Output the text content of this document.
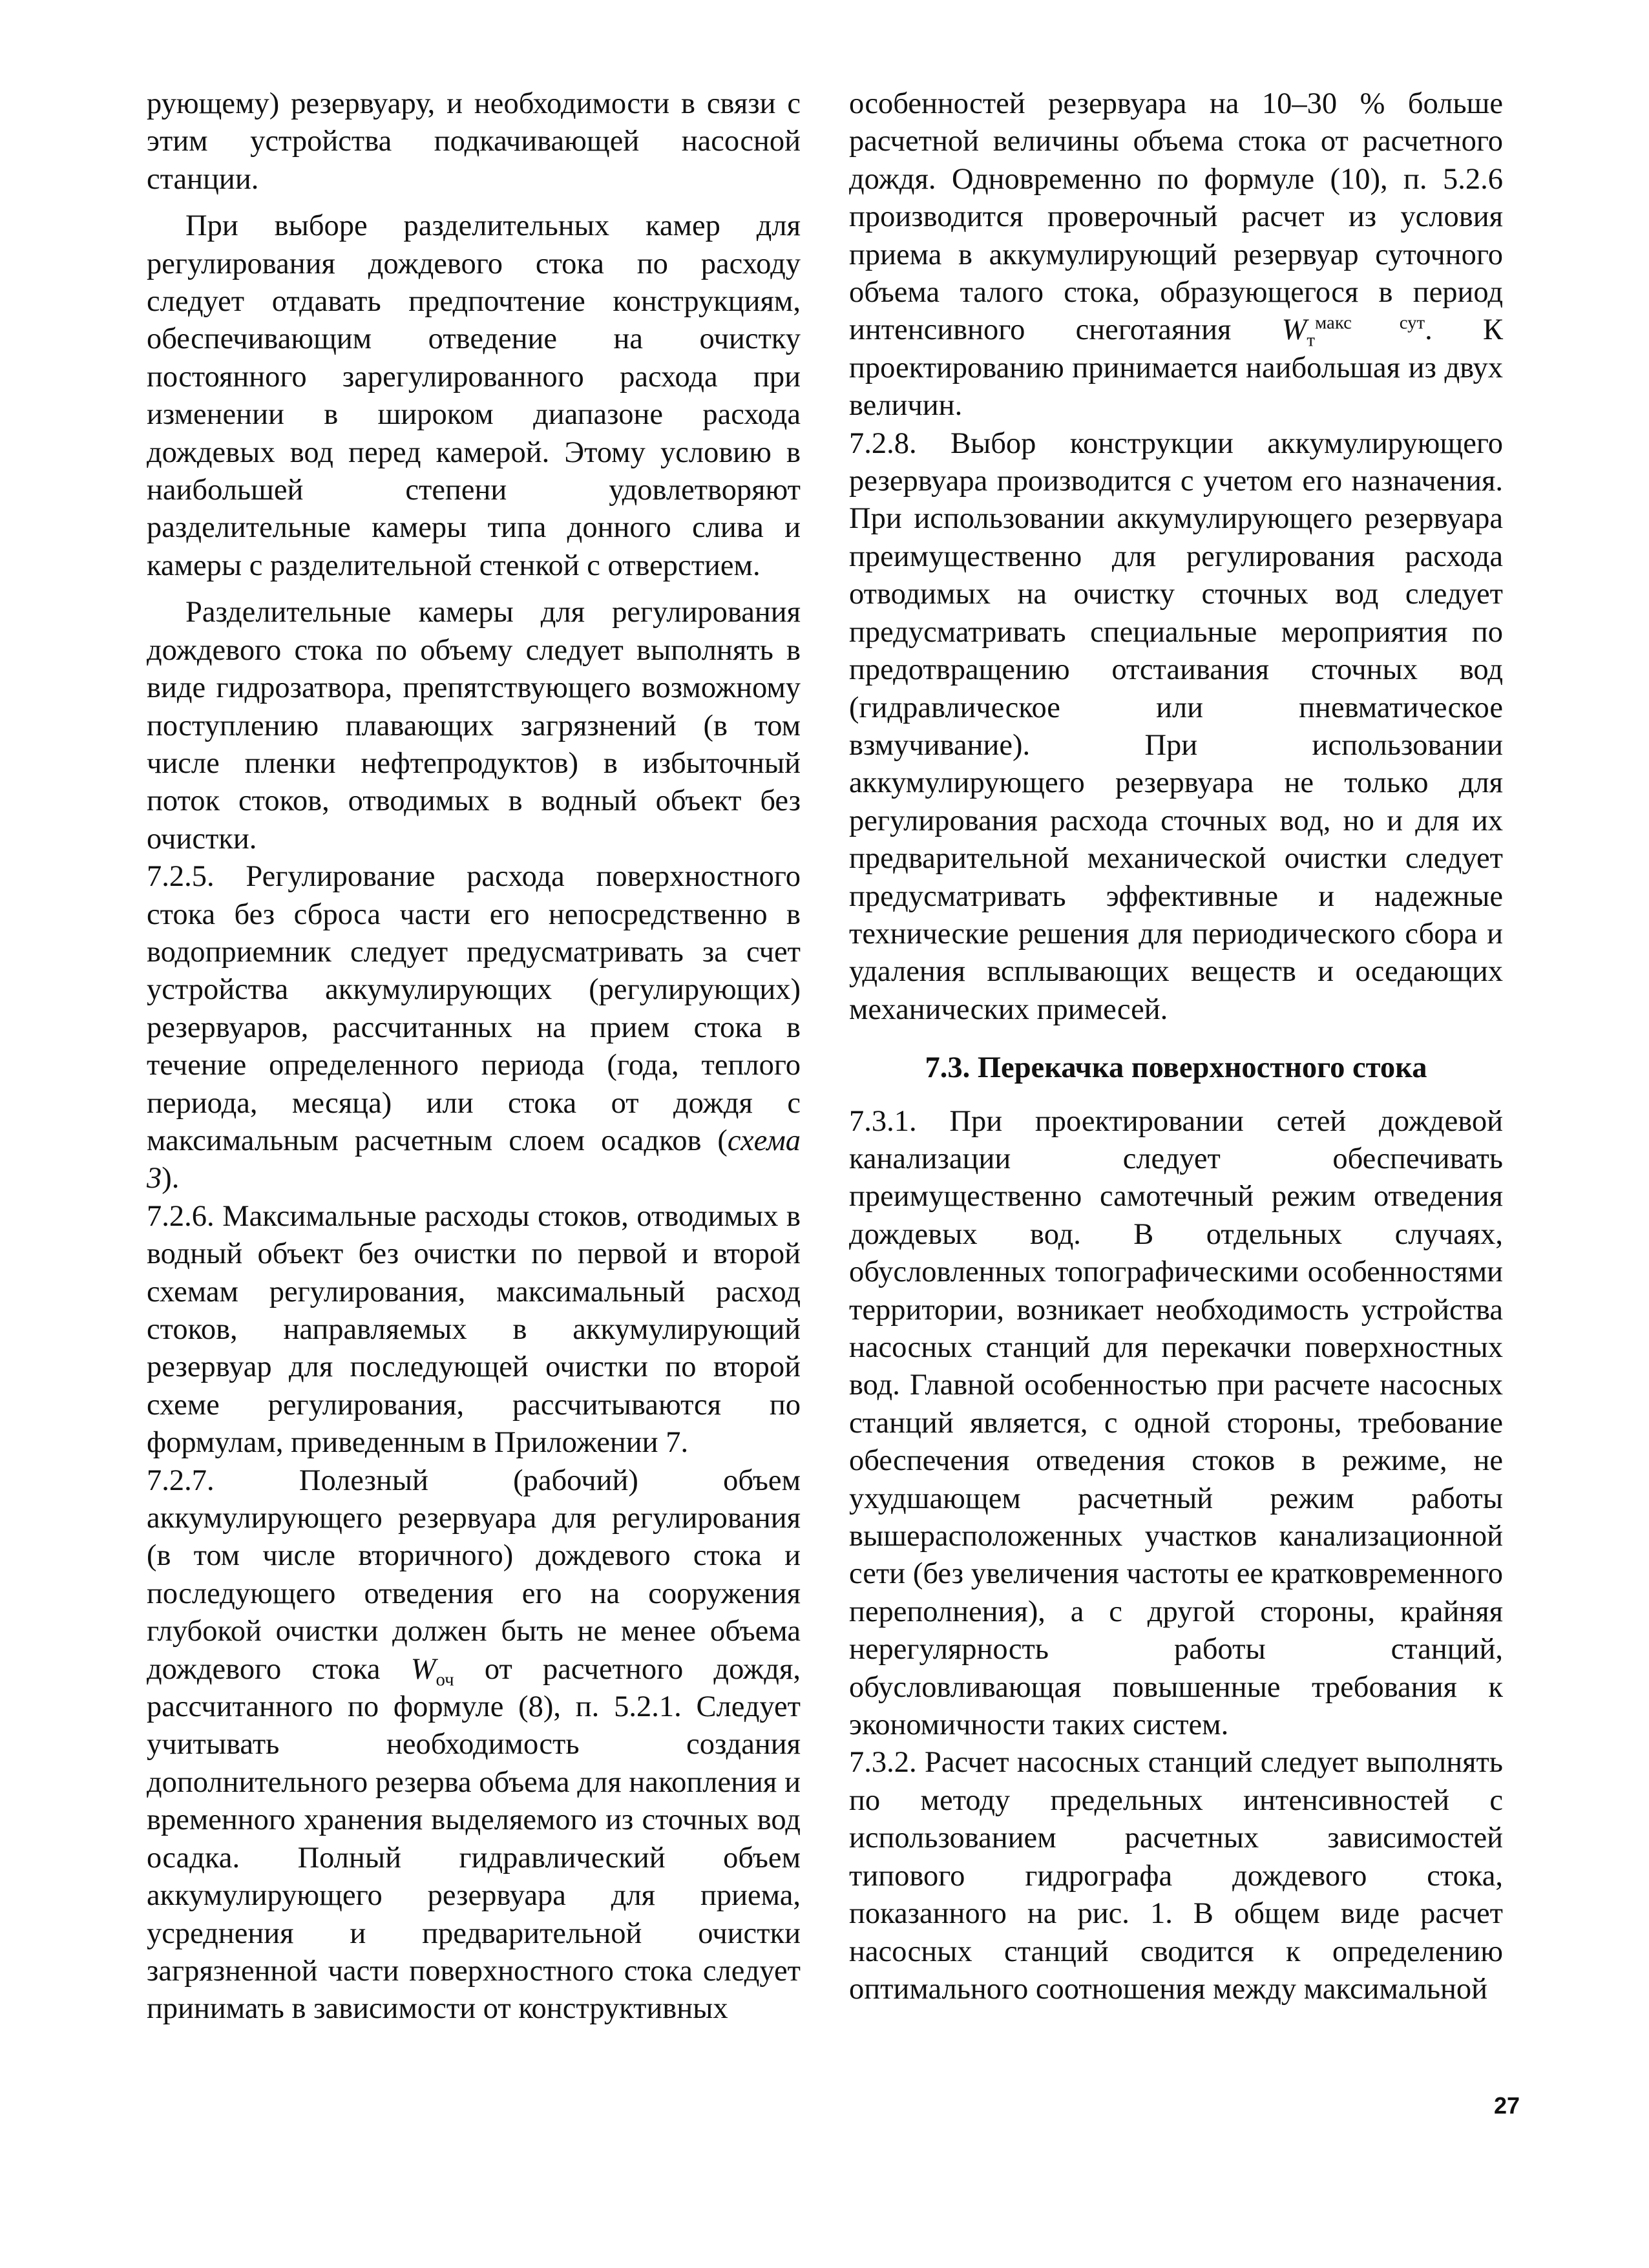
рующему) резервуару, и необходимости в связи с этим устройства подкачивающей насосной станции.

При выборе разделительных камер для регулирования дождевого стока по расходу следует отдавать предпочтение конструкциям, обеспечивающим отведение на очистку постоянного зарегулированного расхода при изменении в широком диапазоне расхода дождевых вод перед камерой. Этому условию в наибольшей степени удовлетворяют разделительные камеры типа донного слива и камеры с разделительной стенкой с отверстием.

Разделительные камеры для регулирования дождевого стока по объему следует выполнять в виде гидрозатвора, препятствующего возможному поступлению плавающих загрязнений (в том числе пленки нефтепродуктов) в избыточный поток стоков, отводимых в водный объект без очистки.

7.2.5. Регулирование расхода поверхностного стока без сброса части его непосредственно в водоприемник следует предусматривать за счет устройства аккумулирующих (регулирующих) резервуаров, рассчитанных на прием стока в течение определенного периода (года, теплого периода, месяца) или стока от дождя с максимальным расчетным слоем осадков (схема 3).

7.2.6. Максимальные расходы стоков, отводимых в водный объект без очистки по первой и второй схемам регулирования, максимальный расход стоков, направляемых в аккумулирующий резервуар для последующей очистки по второй схеме регулирования, рассчитываются по формулам, приведенным в Приложении 7.

7.2.7. Полезный (рабочий) объем аккумулирующего резервуара для регулирования (в том числе вторичного) дождевого стока и последующего отведения его на сооружения глубокой очистки должен быть не менее объема дождевого стока $W_{оч}$ от расчетного дождя, рассчитанного по формуле (8), п. 5.2.1. Следует учитывать необходимость создания дополнительного резерва объема для накопления и временного хранения выделяемого из сточных вод осадка. Полный гидравлический объем аккумулирующего резервуара для приема, усреднения и предварительной очистки загрязненной части поверхностного стока следует принимать в зависимости от конструктивных

особенностей резервуара на 10–30 % больше расчетной величины объема стока от расчетного дождя. Одновременно по формуле (10), п. 5.2.6 производится проверочный расчет из условия приема в аккумулирующий резервуар суточного объема талого стока, образующегося в период интенсивного снеготаяния $W_т^{макс сут}$. К проектированию принимается наибольшая из двух величин.

7.2.8. Выбор конструкции аккумулирующего резервуара производится с учетом его назначения. При использовании аккумулирующего резервуара преимущественно для регулирования расхода отводимых на очистку сточных вод следует предусматривать специальные мероприятия по предотвращению отстаивания сточных вод (гидравлическое или пневматическое взмучивание). При использовании аккумулирующего резервуара не только для регулирования расхода сточных вод, но и для их предварительной механической очистки следует предусматривать эффективные и надежные технические решения для периодического сбора и удаления всплывающих веществ и оседающих механических примесей.

7.3. Перекачка поверхностного стока

7.3.1. При проектировании сетей дождевой канализации следует обеспечивать преимущественно самотечный режим отведения дождевых вод. В отдельных случаях, обусловленных топографическими особенностями территории, возникает необходимость устройства насосных станций для перекачки поверхностных вод. Главной особенностью при расчете насосных станций является, с одной стороны, требование обеспечения отведения стоков в режиме, не ухудшающем расчетный режим работы вышерасположенных участков канализационной сети (без увеличения частоты ее кратковременного переполнения), а с другой стороны, крайняя нерегулярность работы станций, обусловливающая повышенные требования к экономичности таких систем.

7.3.2. Расчет насосных станций следует выполнять по методу предельных интенсивностей с использованием расчетных зависимостей типового гидрографа дождевого стока, показанного на рис. 1. В общем виде расчет насосных станций сводится к определению оптимального соотношения между максимальной

27
